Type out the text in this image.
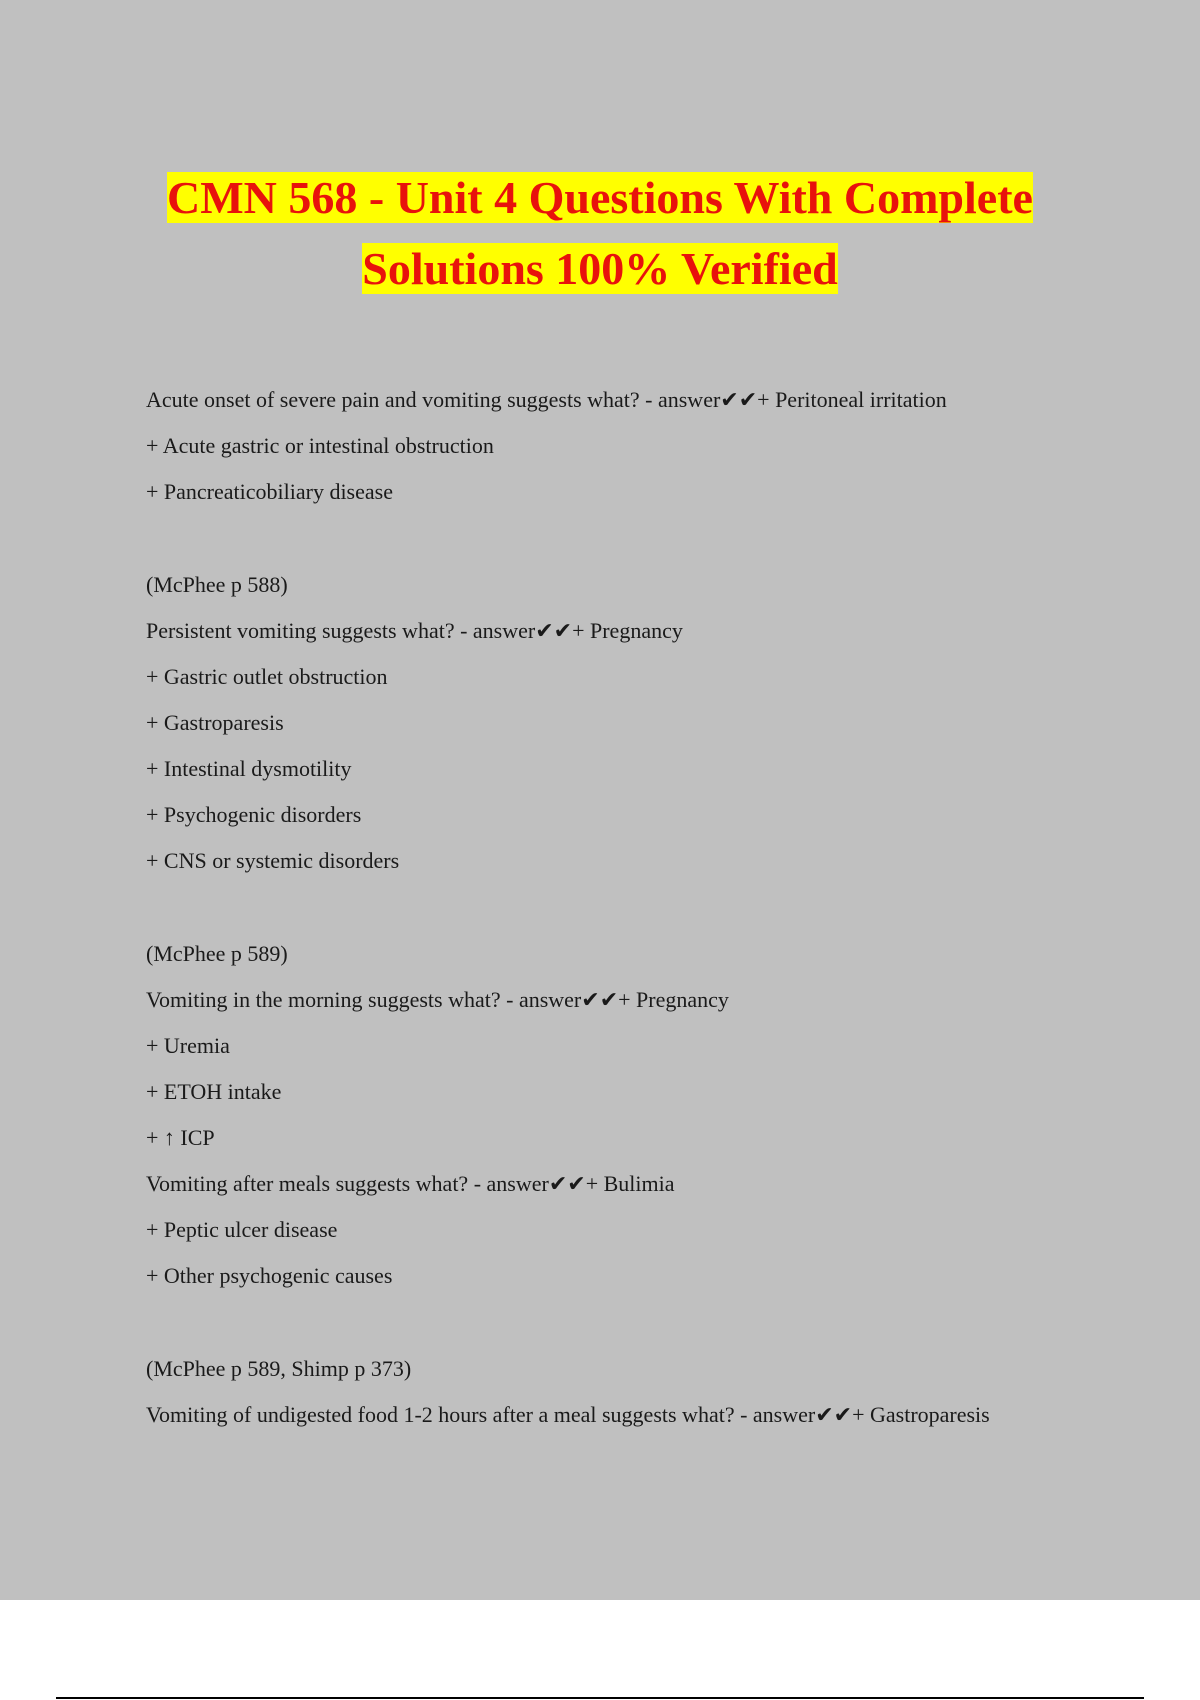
CMN 568 - Unit 4 Questions With Complete
Solutions 100% Verified
Acute onset of severe pain and vomiting suggests what? - answer✔✔+ Peritoneal irritation
+ Acute gastric or intestinal obstruction
+ Pancreaticobiliary disease
(McPhee p 588)
Persistent vomiting suggests what? - answer✔✔+ Pregnancy
+ Gastric outlet obstruction
+ Gastroparesis
+ Intestinal dysmotility
+ Psychogenic disorders
+ CNS or systemic disorders
(McPhee p 589)
Vomiting in the morning suggests what? - answer✔✔+ Pregnancy
+ Uremia
+ ETOH intake
+ ↑ ICP
Vomiting after meals suggests what? - answer✔✔+ Bulimia
+ Peptic ulcer disease
+ Other psychogenic causes
(McPhee p 589, Shimp p 373)
Vomiting of undigested food 1-2 hours after a meal suggests what? - answer✔✔+ Gastroparesis
